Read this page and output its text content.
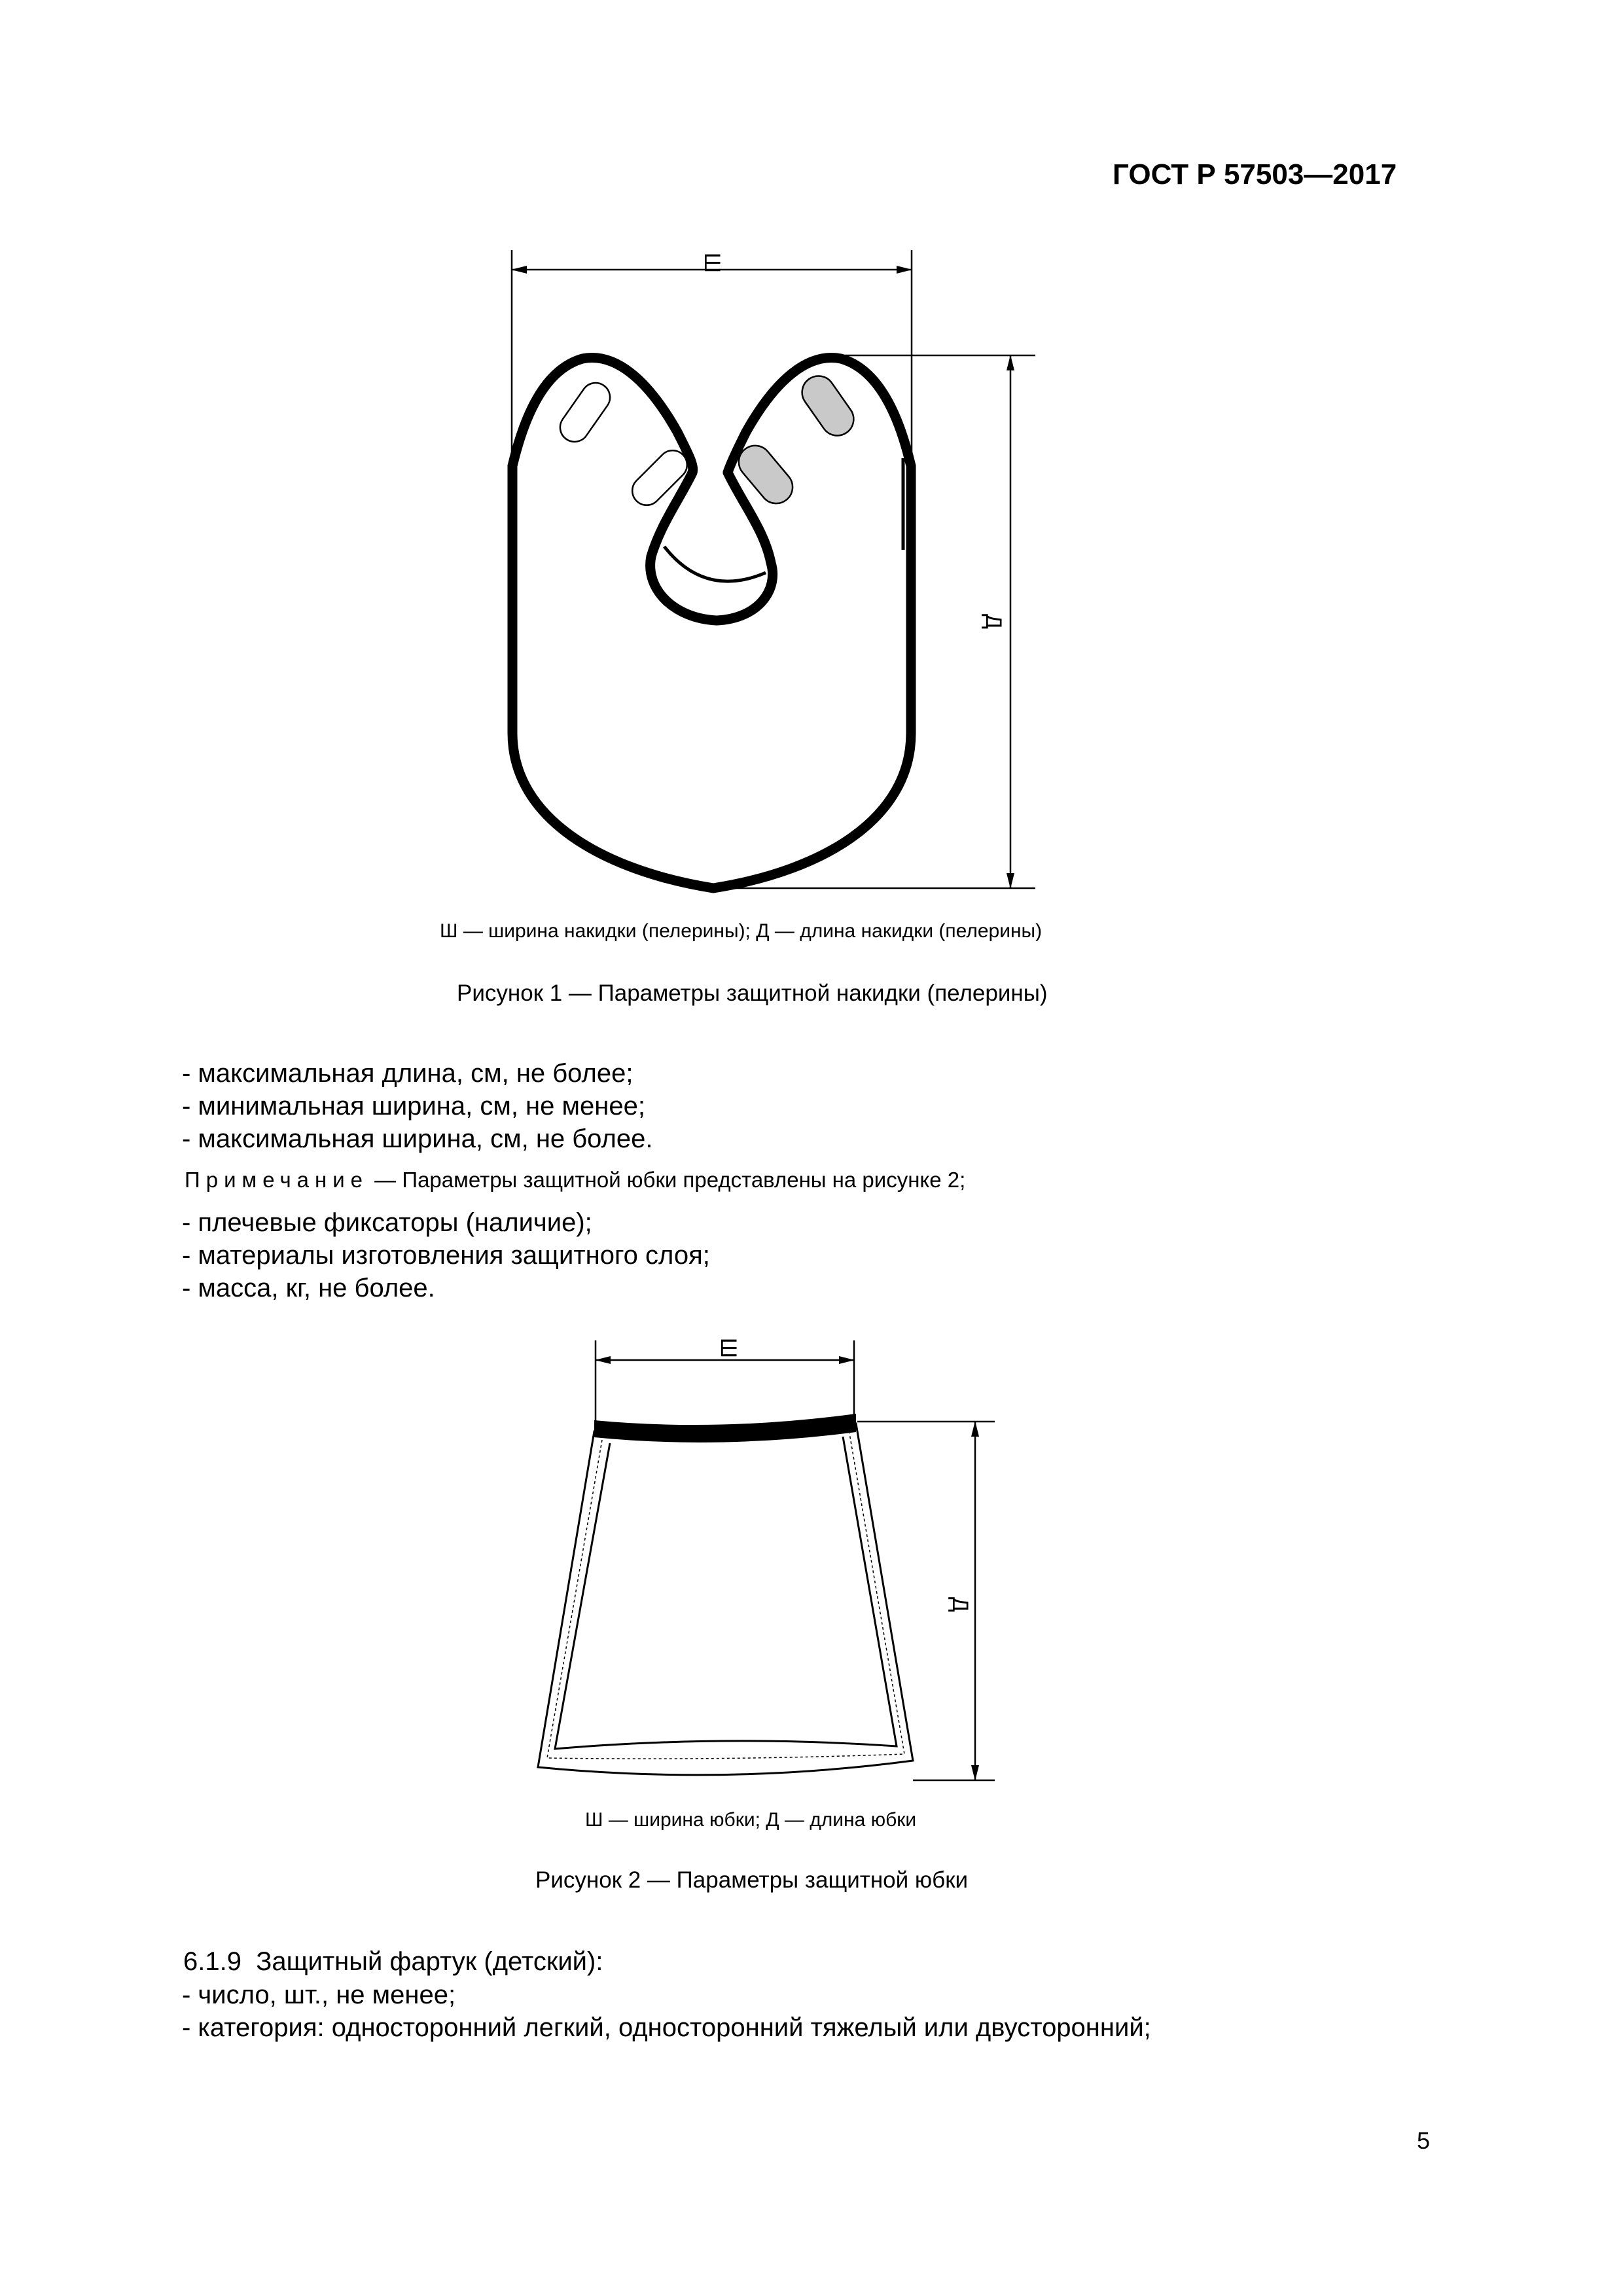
ГОСТ Р 57503—2017
Ш
Д
Ш — ширина накидки (пелерины); Д — длина накидки (пелерины)
Рисунок 1 — Параметры защитной накидки (пелерины)
- максимальная длина, см, не более;
- минимальная ширина, см, не менее;
- максимальная ширина, см, не более.
Примечание — Параметры защитной юбки представлены на рисунке 2;
- плечевые фиксаторы (наличие);
- материалы изготовления защитного слоя;
- масса, кг, не более.
Ш
Д
Ш — ширина юбки; Д — длина юбки
Рисунок 2 — Параметры защитной юбки
6.1.9  Защитный фартук (детский):
- число, шт., не менее;
- категория: односторонний легкий, односторонний тяжелый или двусторонний;
5
